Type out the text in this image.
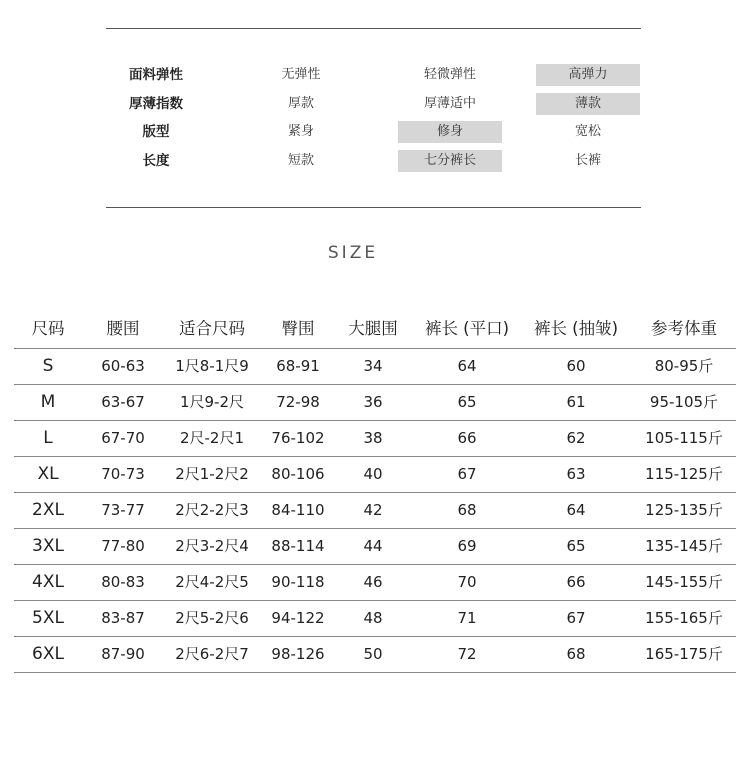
面料弹性	无弹性	轻微弹性	高弹力
厚薄指数	厚款	厚薄适中	薄款
版型	紧身	修身	宽松
长度	短款	七分裤长	长裤
SIZE
尺码	腰围	适合尺码	臀围	大腿围	裤长 (平口)	裤长 (抽皱)	参考体重
S	60-63	1尺8-1尺9	68-91	34	64	60	80-95斤
M	63-67	1尺9-2尺	72-98	36	65	61	95-105斤
L	67-70	2尺-2尺1	76-102	38	66	62	105-115斤
XL	70-73	2尺1-2尺2	80-106	40	67	63	115-125斤
2XL	73-77	2尺2-2尺3	84-110	42	68	64	125-135斤
3XL	77-80	2尺3-2尺4	88-114	44	69	65	135-145斤
4XL	80-83	2尺4-2尺5	90-118	46	70	66	145-155斤
5XL	83-87	2尺5-2尺6	94-122	48	71	67	155-165斤
6XL	87-90	2尺6-2尺7	98-126	50	72	68	165-175斤
